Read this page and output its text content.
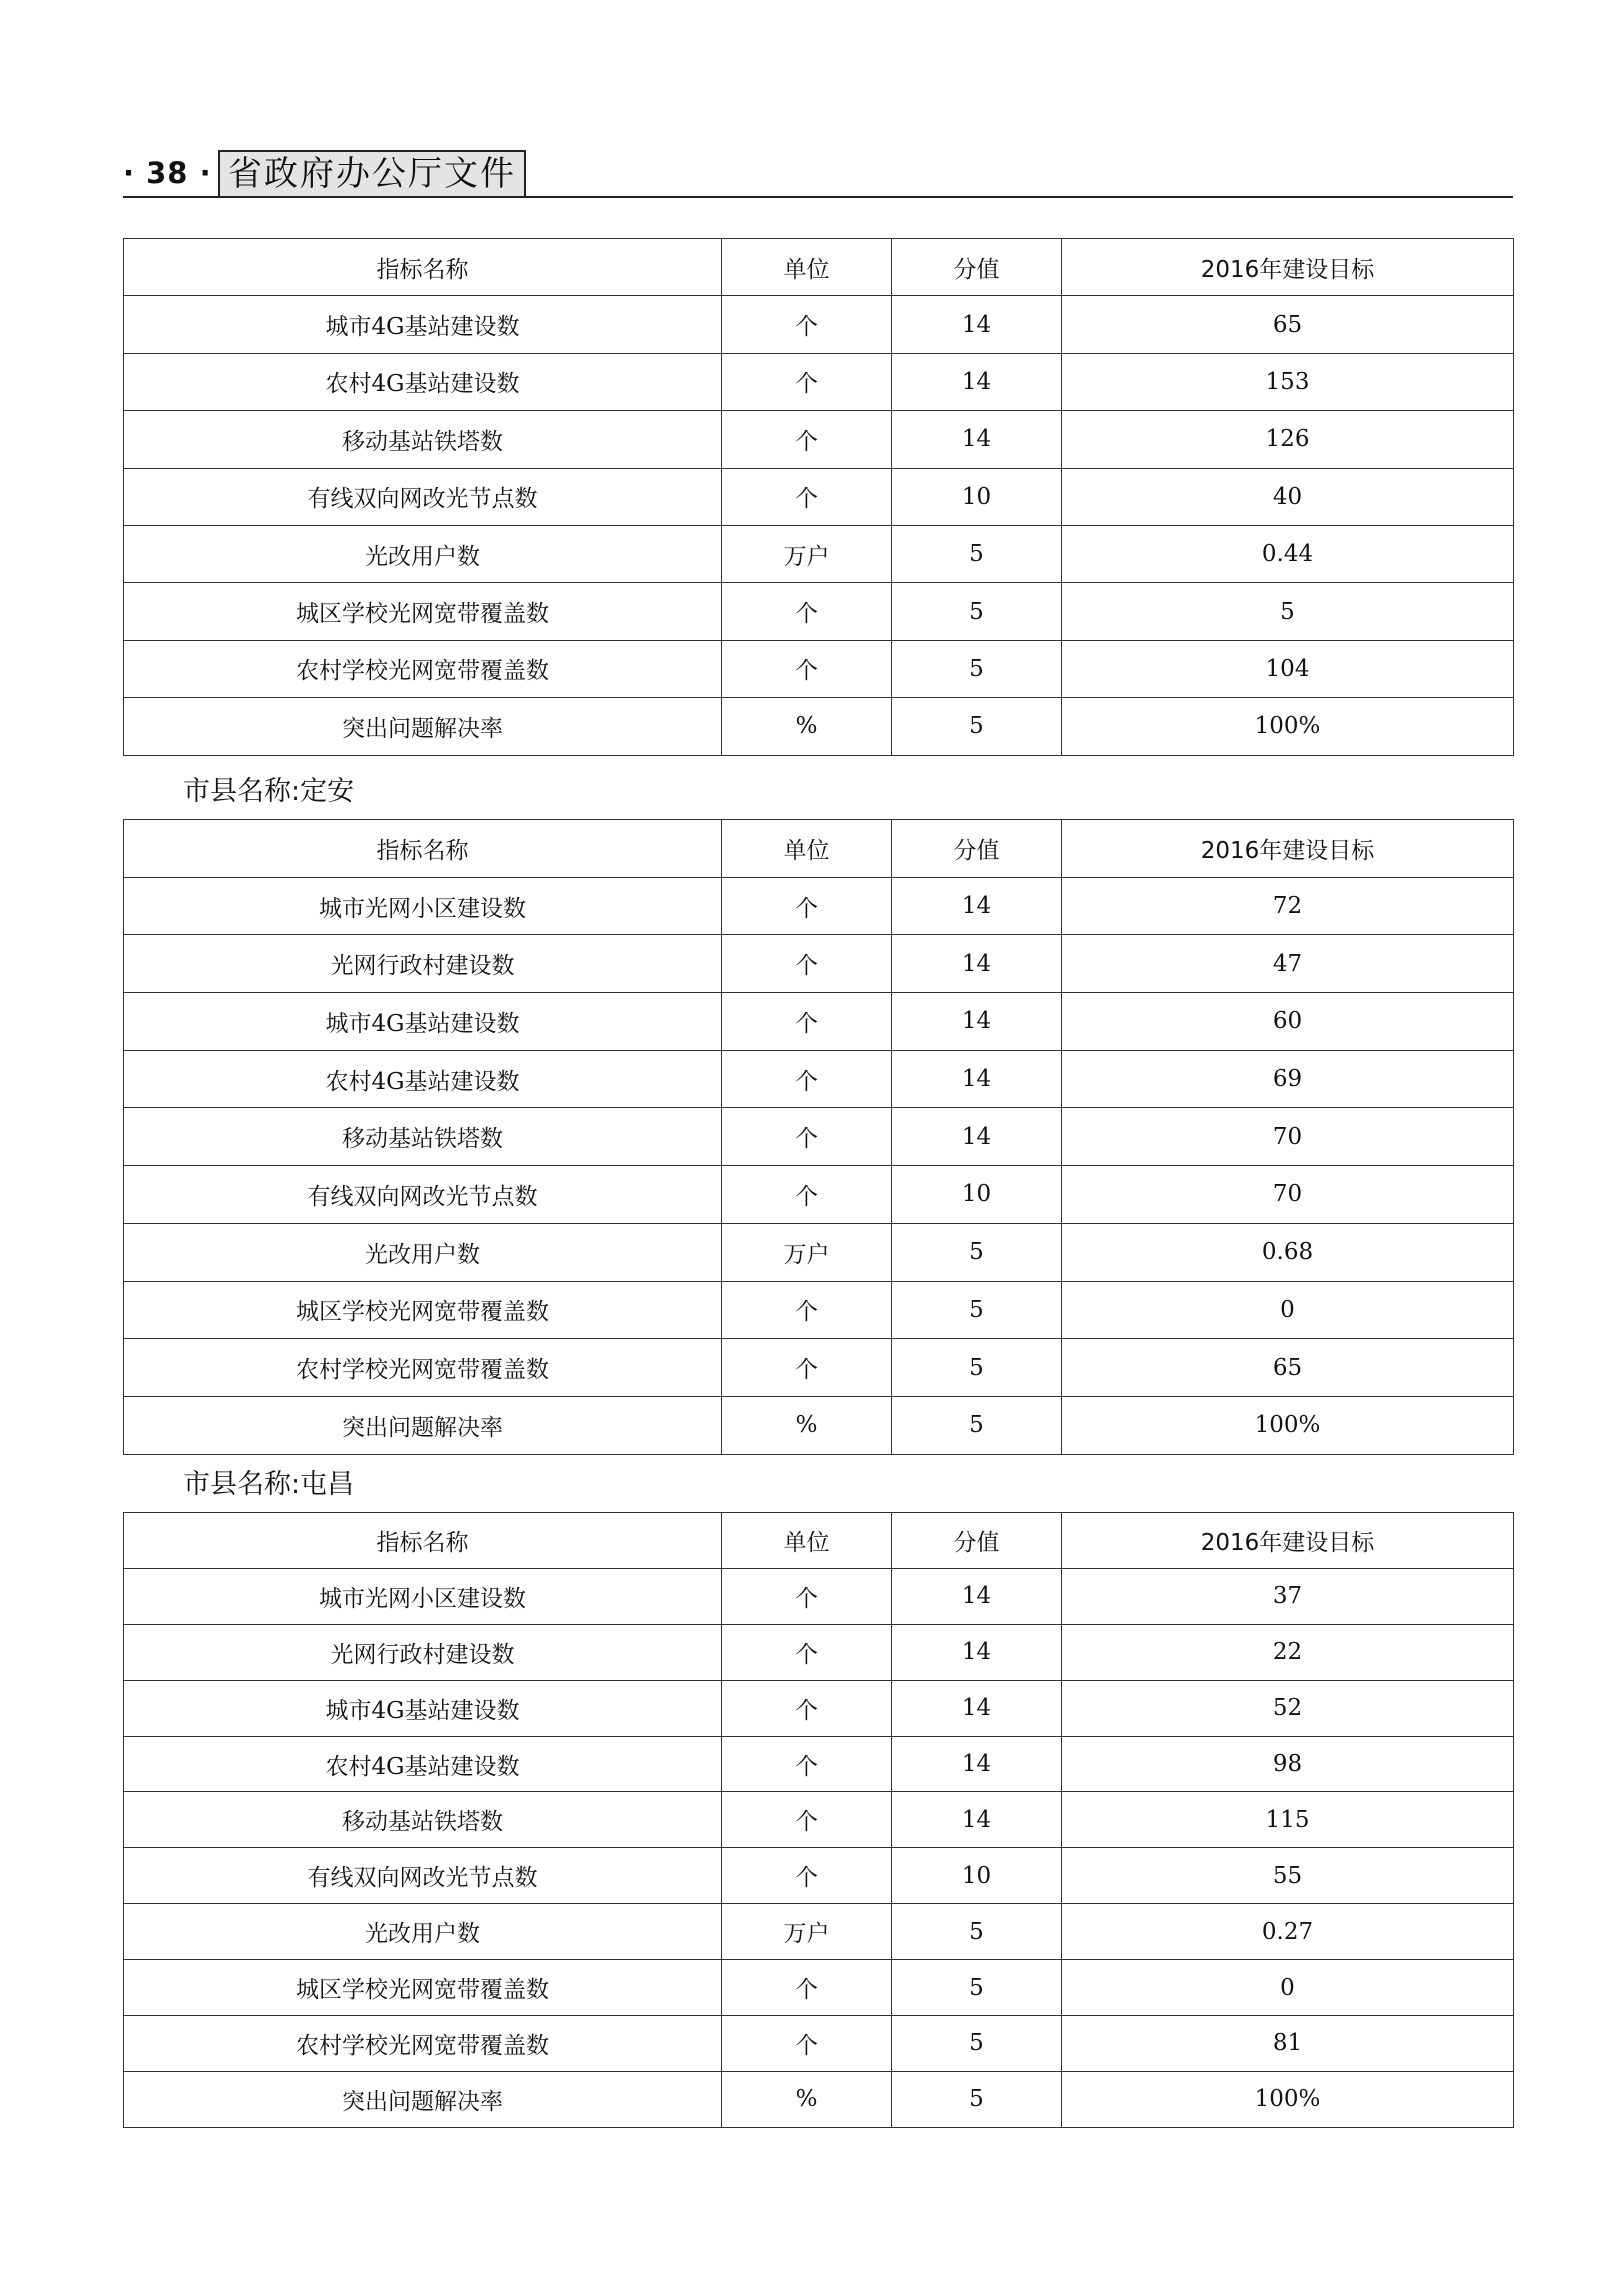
· 38 · 省政府办公厅文件
指标名称	单位	分值	2016年建设目标
城市4G基站建设数	个	14	65
农村4G基站建设数	个	14	153
移动基站铁塔数	个	14	126
有线双向网改光节点数	个	10	40
光改用户数	万户	5	0.44
城区学校光网宽带覆盖数	个	5	5
农村学校光网宽带覆盖数	个	5	104
突出问题解决率	%	5	100%
市县名称:定安
指标名称	单位	分值	2016年建设目标
城市光网小区建设数	个	14	72
光网行政村建设数	个	14	47
城市4G基站建设数	个	14	60
农村4G基站建设数	个	14	69
移动基站铁塔数	个	14	70
有线双向网改光节点数	个	10	70
光改用户数	万户	5	0.68
城区学校光网宽带覆盖数	个	5	0
农村学校光网宽带覆盖数	个	5	65
突出问题解决率	%	5	100%
市县名称:屯昌
指标名称	单位	分值	2016年建设目标
城市光网小区建设数	个	14	37
光网行政村建设数	个	14	22
城市4G基站建设数	个	14	52
农村4G基站建设数	个	14	98
移动基站铁塔数	个	14	115
有线双向网改光节点数	个	10	55
光改用户数	万户	5	0.27
城区学校光网宽带覆盖数	个	5	0
农村学校光网宽带覆盖数	个	5	81
突出问题解决率	%	5	100%
